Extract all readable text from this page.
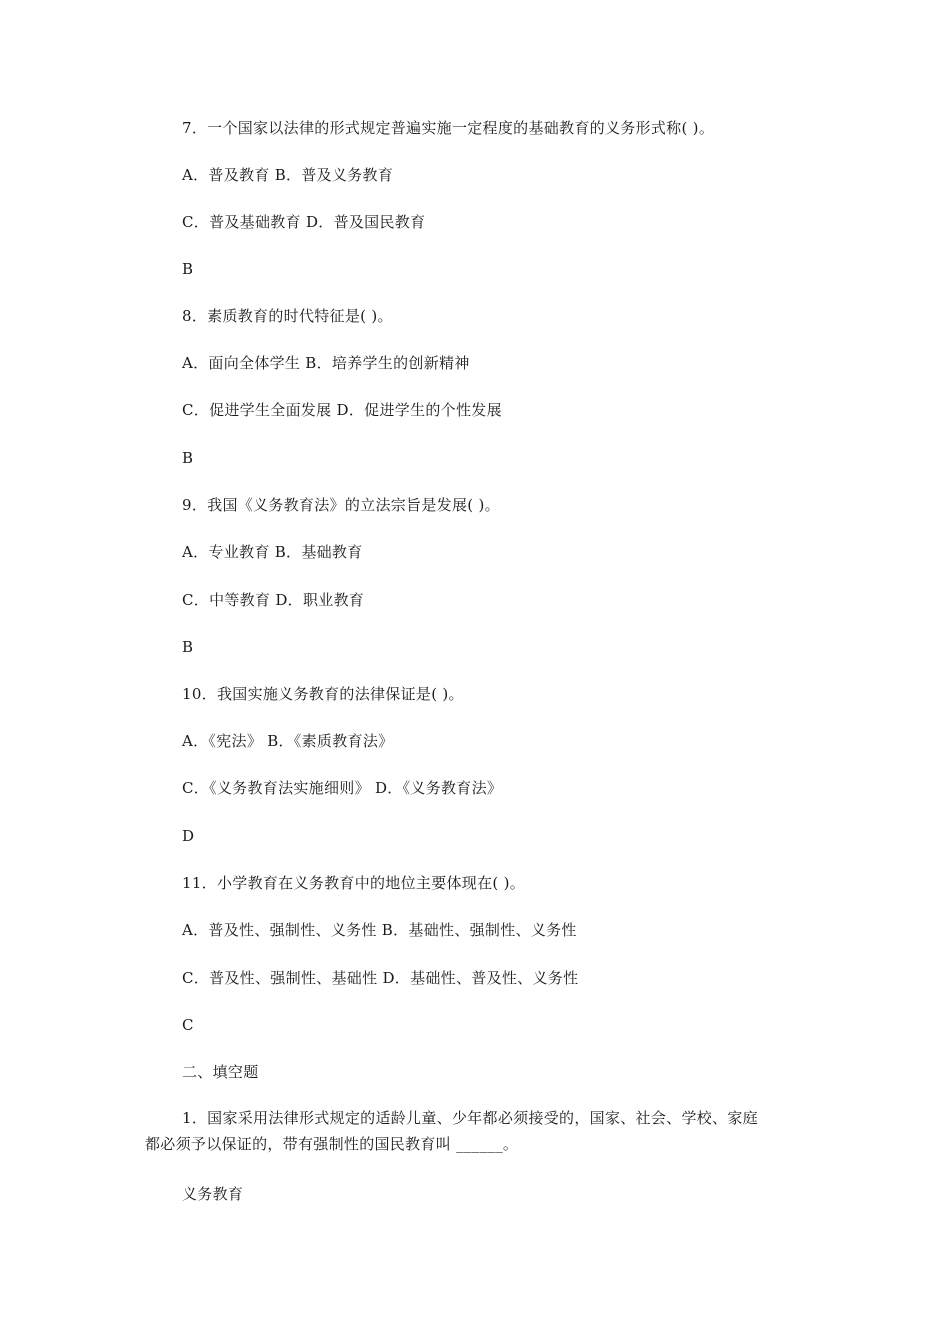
7．一个国家以法律的形式规定普遍实施一定程度的基础教育的义务形式称( )。
A．普及教育 B．普及义务教育
C．普及基础教育 D．普及国民教育
B
8．素质教育的时代特征是( )。
A．面向全体学生 B．培养学生的创新精神
C．促进学生全面发展 D．促进学生的个性发展
B
9．我国《义务教育法》的立法宗旨是发展( )。
A．专业教育 B．基础教育
C．中等教育 D．职业教育
B
10．我国实施义务教育的法律保证是( )。
A．《宪法》 B．《素质教育法》
C．《义务教育法实施细则》 D．《义务教育法》
D
11．小学教育在义务教育中的地位主要体现在( )。
A．普及性、强制性、义务性 B．基础性、强制性、义务性
C．普及性、强制性、基础性 D．基础性、普及性、义务性
C
二、填空题
1．国家采用法律形式规定的适龄儿童、少年都必须接受的，国家、社会、学校、家庭
都必须予以保证的，带有强制性的国民教育叫 ______。
义务教育
